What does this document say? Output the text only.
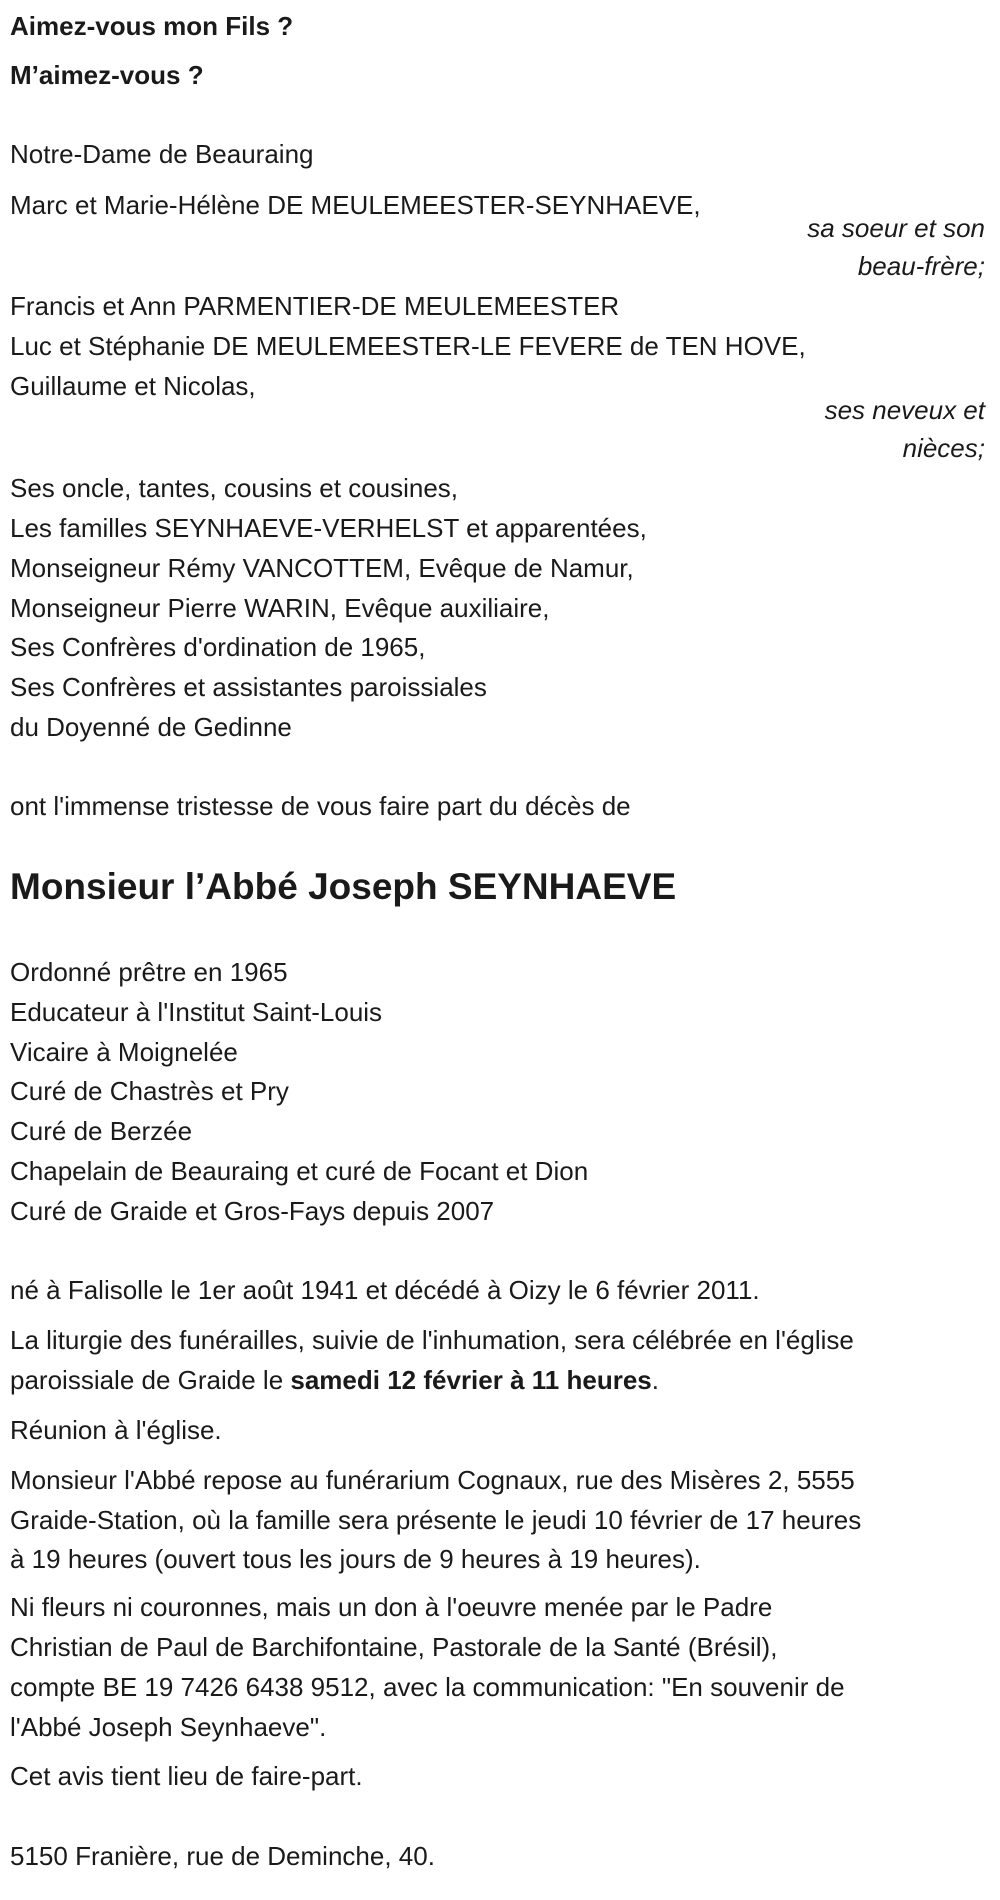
Aimez-vous mon Fils ?
M’aimez-vous ?
Notre-Dame de Beauraing
Marc et Marie-Hélène DE MEULEMEESTER-SEYNHAEVE,
sa soeur et son
beau-frère;
Francis et Ann PARMENTIER-DE MEULEMEESTER
Luc et Stéphanie DE MEULEMEESTER-LE FEVERE de TEN HOVE,
Guillaume et Nicolas,
ses neveux et
nièces;
Ses oncle, tantes, cousins et cousines,
Les familles SEYNHAEVE-VERHELST et apparentées,
Monseigneur Rémy VANCOTTEM, Evêque de Namur,
Monseigneur Pierre WARIN, Evêque auxiliaire,
Ses Confrères d'ordination de 1965,
Ses Confrères et assistantes paroissiales
du Doyenné de Gedinne
ont l'immense tristesse de vous faire part du décès de
Monsieur l’Abbé Joseph SEYNHAEVE
Ordonné prêtre en 1965
Educateur à l'Institut Saint-Louis
Vicaire à Moignelée
Curé de Chastrès et Pry
Curé de Berzée
Chapelain de Beauraing et curé de Focant et Dion
Curé de Graide et Gros-Fays depuis 2007
né à Falisolle le 1er août 1941 et décédé à Oizy le 6 février 2011.
La liturgie des funérailles, suivie de l'inhumation, sera célébrée en l'église
paroissiale de Graide le samedi 12 février à 11 heures.
Réunion à l'église.
Monsieur l'Abbé repose au funérarium Cognaux, rue des Misères 2, 5555
Graide-Station, où la famille sera présente le jeudi 10 février de 17 heures
à 19 heures (ouvert tous les jours de 9 heures à 19 heures).
Ni fleurs ni couronnes, mais un don à l'oeuvre menée par le Padre
Christian de Paul de Barchifontaine, Pastorale de la Santé (Brésil),
compte BE 19 7426 6438 9512, avec la communication: "En souvenir de
l'Abbé Joseph Seynhaeve".
Cet avis tient lieu de faire-part.
5150 Franière, rue de Deminche, 40.
